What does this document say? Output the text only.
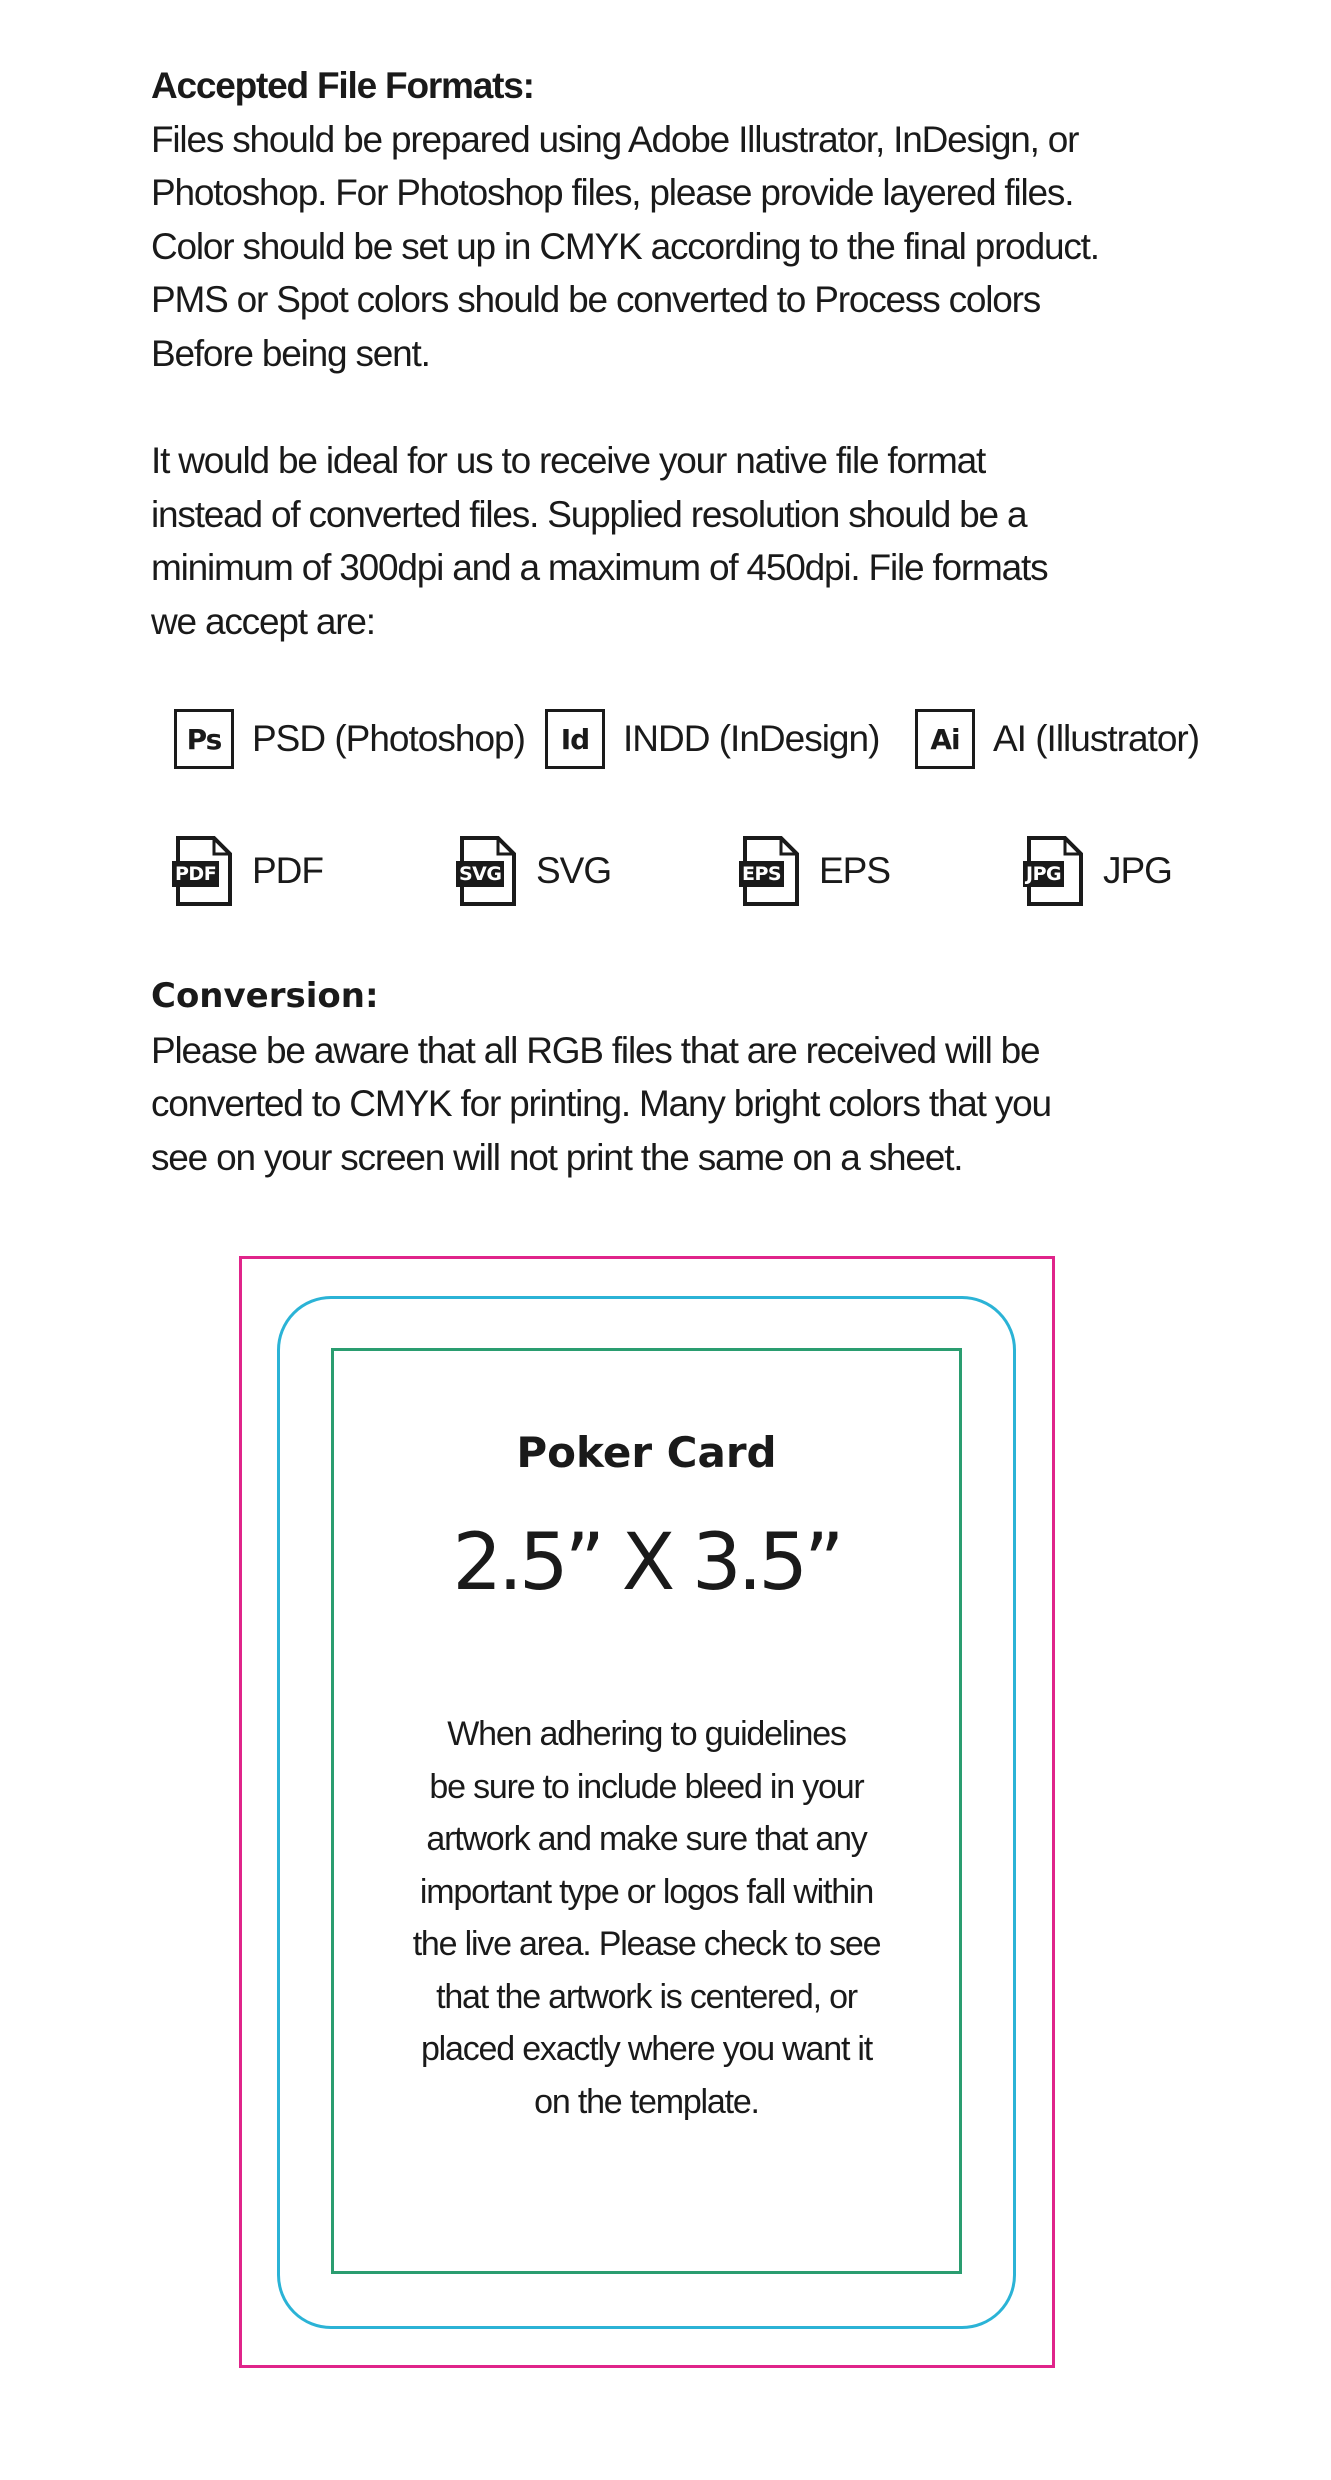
Accepted File Formats:
Files should be prepared using Adobe Illustrator, InDesign, or
Photoshop. For Photoshop files, please provide layered files.
Color should be set up in CMYK according to the final product.
PMS or Spot colors should be converted to Process colors
Before being sent.
It would be ideal for us to receive your native file format
instead of converted files. Supplied resolution should be a
minimum of 300dpi and a maximum of 450dpi. File formats
we accept are:
Ps PSD (Photoshop)	Id INDD (InDesign)	Ai AI (Illustrator)
PDF PDF	SVG SVG	EPS EPS	JPG JPG
Conversion:
Please be aware that all RGB files that are received will be
converted to CMYK for printing. Many bright colors that you
see on your screen will not print the same on a sheet.
Poker Card
2.5” X 3.5”
When adhering to guidelines
be sure to include bleed in your
artwork and make sure that any
important type or logos fall within
the live area. Please check to see
that the artwork is centered, or
placed exactly where you want it
on the template.
